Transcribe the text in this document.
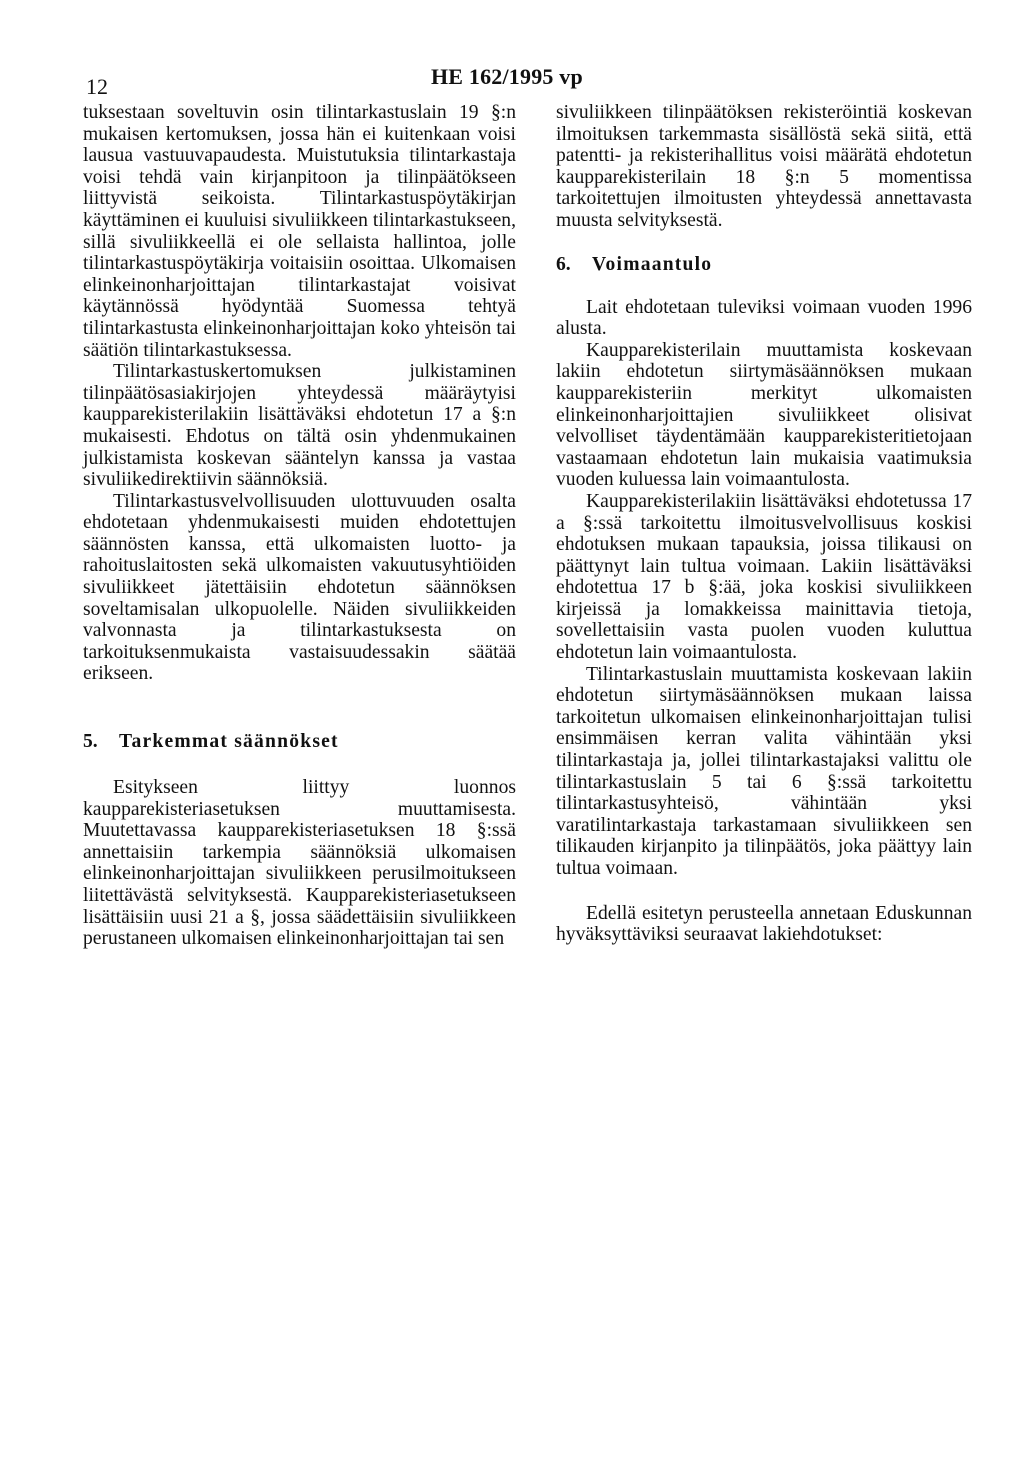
12	HE 162/1995 vp

tuksestaan soveltuvin osin tilintarkastuslain 19 §:n mukaisen kertomuksen, jossa hän ei kuitenkaan voisi lausua vastuuvapaudesta. Muistutuksia tilintarkastaja voisi tehdä vain kirjanpitoon ja tilinpäätökseen liittyvistä seikoista. Tilintarkastuspöytäkirjan käyttäminen ei kuuluisi sivuliikkeen tilintarkastukseen, sillä sivuliikkeellä ei ole sellaista hallintoa, jolle tilintarkastuspöytäkirja voitaisiin osoittaa. Ulkomaisen elinkeinonharjoittajan tilintarkastajat voisivat käytännössä hyödyntää Suomessa tehtyä tilintarkastusta elinkeinonharjoittajan koko yhteisön tai säätiön tilintarkastuksessa.

Tilintarkastuskertomuksen julkistaminen tilinpäätösasiakirjojen yhteydessä määräytyisi kaupparekisterilakiin lisättäväksi ehdotetun 17 a §:n mukaisesti. Ehdotus on tältä osin yhdenmukainen julkistamista koskevan sääntelyn kanssa ja vastaa sivuliikedirektiivin säännöksiä.

Tilintarkastusvelvollisuuden ulottuvuuden osalta ehdotetaan yhdenmukaisesti muiden ehdotettujen säännösten kanssa, että ulkomaisten luotto- ja rahoituslaitosten sekä ulkomaisten vakuutusyhtiöiden sivuliikkeet jätettäisiin ehdotetun säännöksen soveltamisalan ulkopuolelle. Näiden sivuliikkeiden valvonnasta ja tilintarkastuksesta on tarkoituksenmukaista vastaisuudessakin säätää erikseen.

5. Tarkemmat säännökset

Esitykseen liittyy luonnos kaupparekisteriasetuksen muuttamisesta. Muutettavassa kaupparekisteriasetuksen 18 §:ssä annettaisiin tarkempia säännöksiä ulkomaisen elinkeinonharjoittajan sivuliikkeen perusilmoitukseen liitettävästä selvityksestä. Kaupparekisteriasetukseen lisättäisiin uusi 21 a §, jossa säädettäisiin sivuliikkeen perustaneen ulkomaisen elinkeinonharjoittajan tai sen

sivuliikkeen tilinpäätöksen rekisteröintiä koskevan ilmoituksen tarkemmasta sisällöstä sekä siitä, että patentti- ja rekisterihallitus voisi määrätä ehdotetun kaupparekisterilain 18 §:n 5 momentissa tarkoitettujen ilmoitusten yhteydessä annettavasta muusta selvityksestä.

6. Voimaantulo

Lait ehdotetaan tuleviksi voimaan vuoden 1996 alusta.

Kaupparekisterilain muuttamista koskevaan lakiin ehdotetun siirtymäsäännöksen mukaan kaupparekisteriin merkityt ulkomaisten elinkeinonharjoittajien sivuliikkeet olisivat velvolliset täydentämään kaupparekisteritietojaan vastaamaan ehdotetun lain mukaisia vaatimuksia vuoden kuluessa lain voimaantulosta.

Kaupparekisterilakiin lisättäväksi ehdotetussa 17 a §:ssä tarkoitettu ilmoitusvelvollisuus koskisi ehdotuksen mukaan tapauksia, joissa tilikausi on päättynyt lain tultua voimaan. Lakiin lisättäväksi ehdotettua 17 b §:ää, joka koskisi sivuliikkeen kirjeissä ja lomakkeissa mainittavia tietoja, sovellettaisiin vasta puolen vuoden kuluttua ehdotetun lain voimaantulosta.

Tilintarkastuslain muuttamista koskevaan lakiin ehdotetun siirtymäsäännöksen mukaan laissa tarkoitetun ulkomaisen elinkeinonharjoittajan tulisi ensimmäisen kerran valita vähintään yksi tilintarkastaja ja, jollei tilintarkastajaksi valittu ole tilintarkastuslain 5 tai 6 §:ssä tarkoitettu tilintarkastusyhteisö, vähintään yksi varatilintarkastaja tarkastamaan sivuliikkeen sen tilikauden kirjanpito ja tilinpäätös, joka päättyy lain tultua voimaan.

Edellä esitetyn perusteella annetaan Eduskunnan hyväksyttäviksi seuraavat lakiehdotukset:
